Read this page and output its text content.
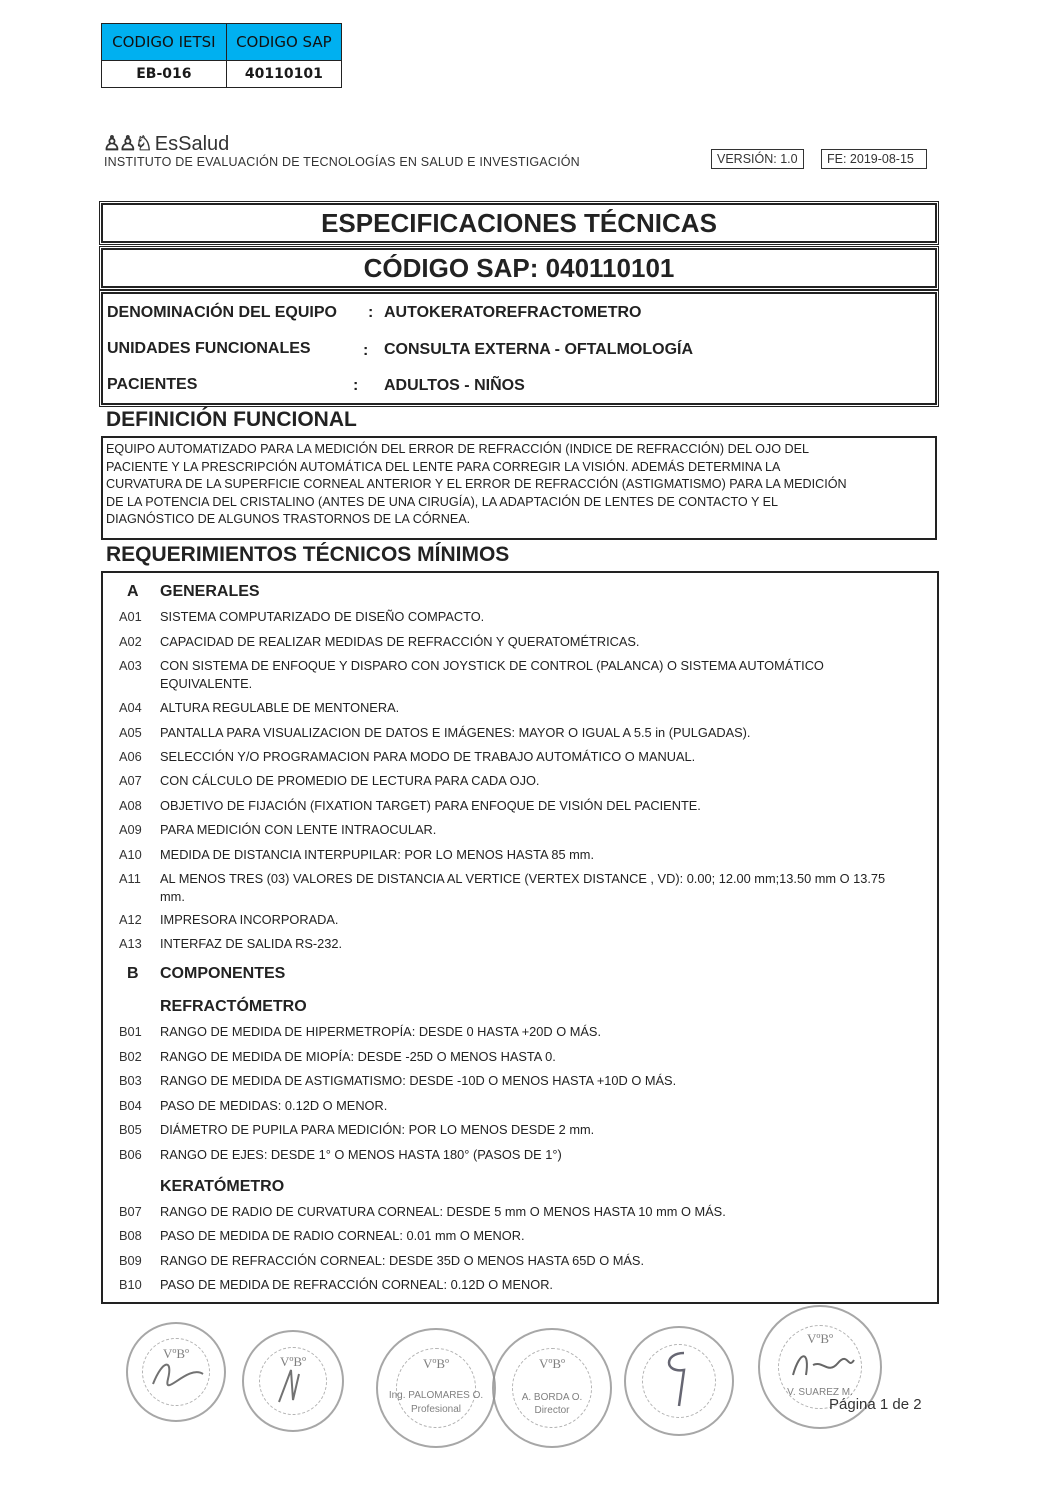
CODIGO IETSI	CODIGO SAP
EB-016	40110101
♙♙♘ EsSalud
INSTITUTO DE EVALUACIÓN DE TECNOLOGÍAS EN SALUD E INVESTIGACIÓN	VERSIÓN: 1.0	FE: 2019-08-15
ESPECIFICACIONES TÉCNICAS
CÓDIGO SAP: 040110101
DENOMINACIÓN DEL EQUIPO : AUTOKERATOREFRACTOMETRO
UNIDADES FUNCIONALES	: CONSULTA EXTERNA - OFTALMOLOGÍA
PACIENTES	: ADULTOS - NIÑOS
DEFINICIÓN FUNCIONAL
EQUIPO AUTOMATIZADO PARA LA MEDICIÓN DEL ERROR DE REFRACCIÓN (INDICE DE REFRACCIÓN) DEL OJO DEL
PACIENTE Y LA PRESCRIPCIÓN AUTOMÁTICA DEL LENTE PARA CORREGIR LA VISIÓN. ADEMÁS DETERMINA LA
CURVATURA DE LA SUPERFICIE CORNEAL ANTERIOR Y EL ERROR DE REFRACCIÓN (ASTIGMATISMO) PARA LA MEDICIÓN
DE LA POTENCIA DEL CRISTALINO (ANTES DE UNA CIRUGÍA), LA ADAPTACIÓN DE LENTES DE CONTACTO Y EL
DIAGNÓSTICO DE ALGUNOS TRASTORNOS DE LA CÓRNEA.
REQUERIMIENTOS TÉCNICOS MÍNIMOS
A GENERALES
A01 SISTEMA COMPUTARIZADO DE DISEÑO COMPACTO.
A02 CAPACIDAD DE REALIZAR MEDIDAS DE REFRACCIÓN Y QUERATOMÉTRICAS.
A03 CON SISTEMA DE ENFOQUE Y DISPARO CON JOYSTICK DE CONTROL (PALANCA) O SISTEMA AUTOMÁTICO EQUIVALENTE.
A04 ALTURA REGULABLE DE MENTONERA.
A05 PANTALLA PARA VISUALIZACION DE DATOS E IMÁGENES: MAYOR O IGUAL A 5.5 in (PULGADAS).
A06 SELECCIÓN Y/O PROGRAMACION PARA MODO DE TRABAJO AUTOMÁTICO O MANUAL.
A07 CON CÁLCULO DE PROMEDIO DE LECTURA PARA CADA OJO.
A08 OBJETIVO DE FIJACIÓN (FIXATION TARGET) PARA ENFOQUE DE VISIÓN DEL PACIENTE.
A09 PARA MEDICIÓN CON LENTE INTRAOCULAR.
A10 MEDIDA DE DISTANCIA INTERPUPILAR: POR LO MENOS HASTA 85 mm.
A11 AL MENOS TRES (03) VALORES DE DISTANCIA AL VERTICE (VERTEX DISTANCE , VD): 0.00; 12.00 mm;13.50 mm O 13.75 mm.
A12 IMPRESORA INCORPORADA.
A13 INTERFAZ DE SALIDA RS-232.
B COMPONENTES
REFRACTÓMETRO
B01 RANGO DE MEDIDA DE HIPERMETROPÍA: DESDE 0 HASTA +20D O MÁS.
B02 RANGO DE MEDIDA DE MIOPÍA: DESDE -25D O MENOS HASTA 0.
B03 RANGO DE MEDIDA DE ASTIGMATISMO: DESDE -10D O MENOS HASTA +10D O MÁS.
B04 PASO DE MEDIDAS: 0.12D O MENOR.
B05 DIÁMETRO DE PUPILA PARA MEDICIÓN: POR LO MENOS DESDE 2 mm.
B06 RANGO DE EJES: DESDE 1° O MENOS HASTA 180° (PASOS DE 1°)
KERATÓMETRO
B07 RANGO DE RADIO DE CURVATURA CORNEAL: DESDE 5 mm O MENOS HASTA 10 mm O MÁS.
B08 PASO DE MEDIDA DE RADIO CORNEAL: 0.01 mm O MENOR.
B09 RANGO DE REFRACCIÓN CORNEAL: DESDE 35D O MENOS HASTA 65D O MÁS.
B10 PASO DE MEDIDA DE REFRACCIÓN CORNEAL: 0.12D O MENOR.
VºBº
VºBº	VºBº
Ing. PALOMARES O.
Profesional
VºBº
A. BORDA O.
Director
VºBº
V. SUAREZ M.
Página 1 de 2
